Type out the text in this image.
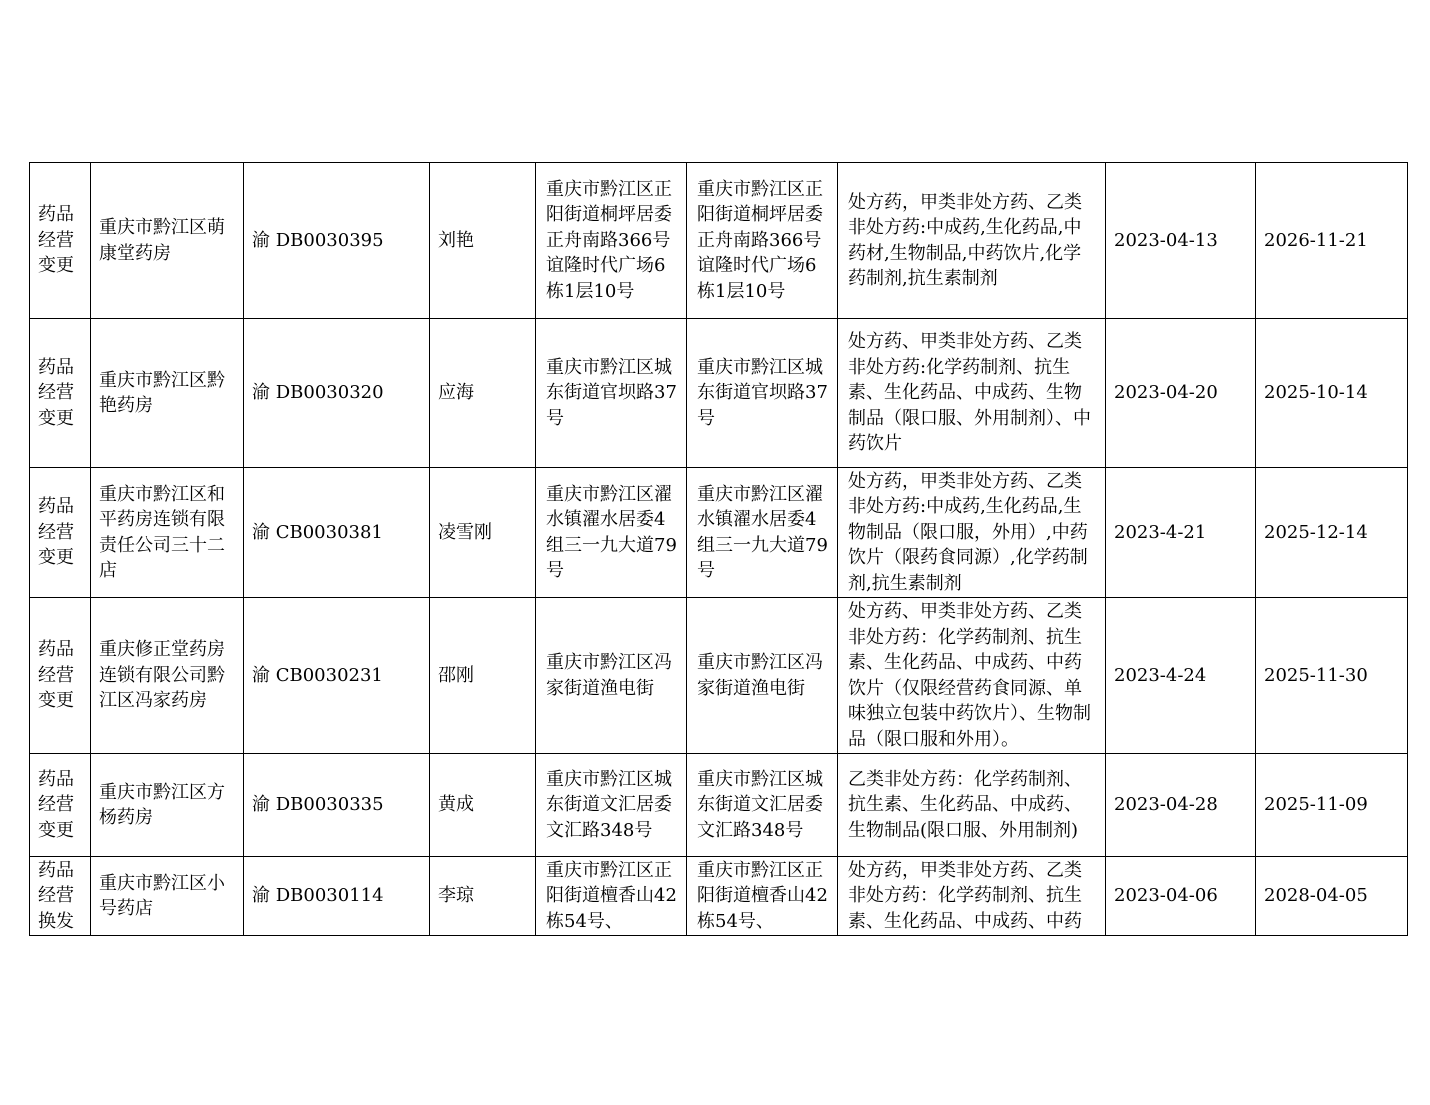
药品经营变更	重庆市黔江区萌康堂药房	渝 DB0030395	刘艳	重庆市黔江区正阳街道桐坪居委正舟南路366号谊隆时代广场6栋1层10号	重庆市黔江区正阳街道桐坪居委正舟南路366号谊隆时代广场6栋1层10号	处方药，甲类非处方药、乙类非处方药:中成药,生化药品,中药材,生物制品,中药饮片,化学药制剂,抗生素制剂	2023-04-13	2026-11-21
药品经营变更	重庆市黔江区黔艳药房	渝 DB0030320	应海	重庆市黔江区城东街道官坝路37号	重庆市黔江区城东街道官坝路37号	处方药、甲类非处方药、乙类非处方药:化学药制剂、抗生素、生化药品、中成药、生物制品（限口服、外用制剂）、中药饮片	2023-04-20	2025-10-14
药品经营变更	重庆市黔江区和平药房连锁有限责任公司三十二店	渝 CB0030381	凌雪刚	重庆市黔江区濯水镇濯水居委4组三一九大道79号	重庆市黔江区濯水镇濯水居委4组三一九大道79号	处方药，甲类非处方药、乙类非处方药:中成药,生化药品,生物制品（限口服，外用）,中药饮片（限药食同源）,化学药制剂,抗生素制剂	2023-4-21	2025-12-14
药品经营变更	重庆修正堂药房连锁有限公司黔江区冯家药房	渝 CB0030231	邵刚	重庆市黔江区冯家街道渔电街	重庆市黔江区冯家街道渔电街	处方药、甲类非处方药、乙类非处方药：化学药制剂、抗生素、生化药品、中成药、中药饮片（仅限经营药食同源、单味独立包装中药饮片）、生物制品（限口服和外用）。	2023-4-24	2025-11-30
药品经营变更	重庆市黔江区方杨药房	渝 DB0030335	黄成	重庆市黔江区城东街道文汇居委文汇路348号	重庆市黔江区城东街道文汇居委文汇路348号	乙类非处方药：化学药制剂、抗生素、生化药品、中成药、生物制品(限口服、外用制剂)	2023-04-28	2025-11-09

药品经营换发	重庆市黔江区小号药店	渝 DB0030114	李琼	重庆市黔江区正阳街道檀香山42栋54号、	重庆市黔江区正阳街道檀香山42栋54号、	处方药，甲类非处方药、乙类非处方药：化学药制剂、抗生素、生化药品、中成药、中药	2023-04-06	2028-04-05
